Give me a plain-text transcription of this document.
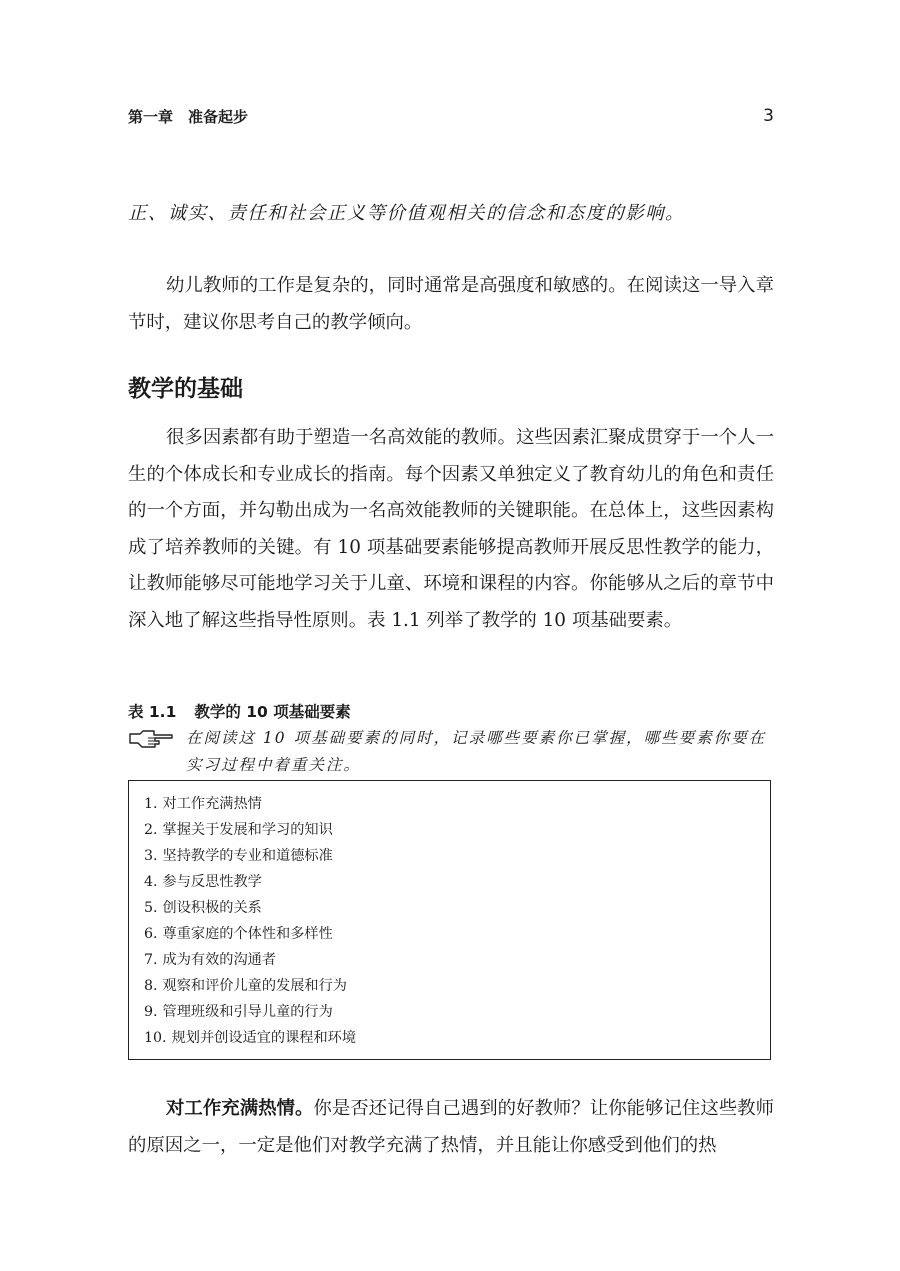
第一章　准备起步	3

正、诚实、责任和社会正义等价值观相关的信念和态度的影响。

幼儿教师的工作是复杂的，同时通常是高强度和敏感的。在阅读这一导入章节时，建议你思考自己的教学倾向。

教学的基础

很多因素都有助于塑造一名高效能的教师。这些因素汇聚成贯穿于一个人一生的个体成长和专业成长的指南。每个因素又单独定义了教育幼儿的角色和责任的一个方面，并勾勒出成为一名高效能教师的关键职能。在总体上，这些因素构成了培养教师的关键。有 10 项基础要素能够提高教师开展反思性教学的能力，让教师能够尽可能地学习关于儿童、环境和课程的内容。你能够从之后的章节中深入地了解这些指导性原则。表 1.1 列举了教学的 10 项基础要素。

表 1.1 教学的 10 项基础要素

在阅读这 10 项基础要素的同时，记录哪些要素你已掌握，哪些要素你要在实习过程中着重关注。

1. 对工作充满热情
2. 掌握关于发展和学习的知识
3. 坚持教学的专业和道德标准
4. 参与反思性教学
5. 创设积极的关系
6. 尊重家庭的个体性和多样性
7. 成为有效的沟通者
8. 观察和评价儿童的发展和行为
9. 管理班级和引导儿童的行为
10. 规划并创设适宜的课程和环境

对工作充满热情。你是否还记得自己遇到的好教师？让你能够记住这些教师的原因之一，一定是他们对教学充满了热情，并且能让你感受到他们的热
